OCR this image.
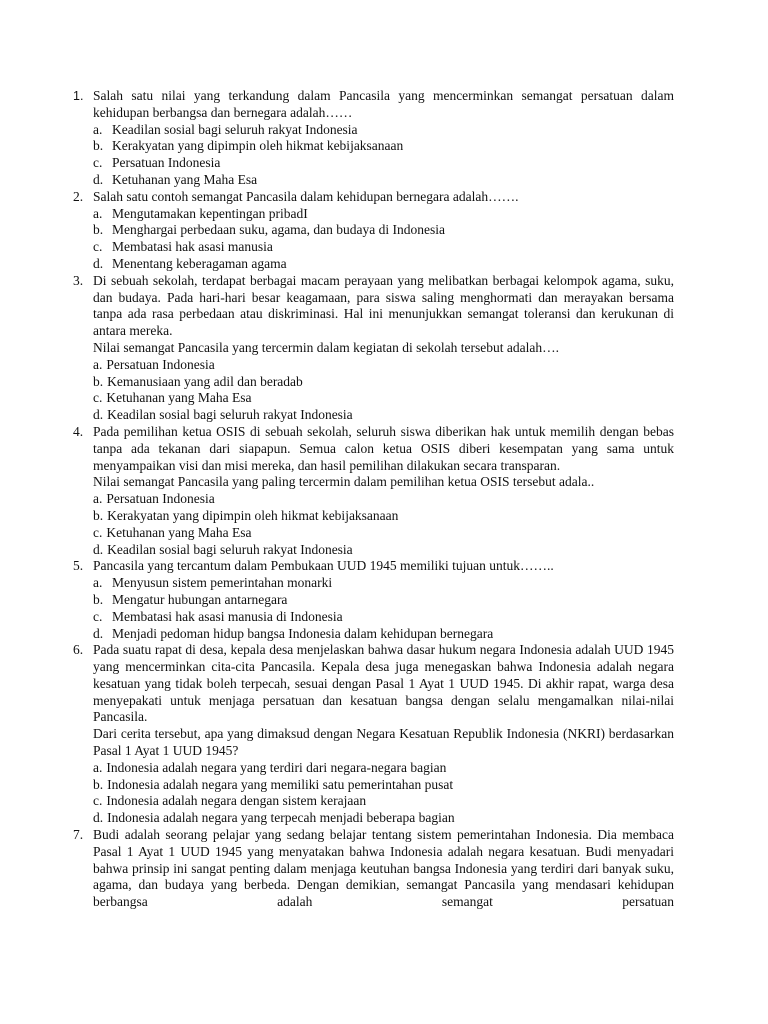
1. Salah satu nilai yang terkandung dalam Pancasila yang mencerminkan semangat persatuan dalam kehidupan berbangsa dan bernegara adalah……

a. Keadilan sosial bagi seluruh rakyat Indonesia

b. Kerakyatan yang dipimpin oleh hikmat kebijaksanaan

c. Persatuan Indonesia

d. Ketuhanan yang Maha Esa

2. Salah satu contoh semangat Pancasila dalam kehidupan bernegara adalah…….

a. Mengutamakan kepentingan pribadI

b. Menghargai perbedaan suku, agama, dan budaya di Indonesia

c. Membatasi hak asasi manusia

d. Menentang keberagaman agama

3. Di sebuah sekolah, terdapat berbagai macam perayaan yang melibatkan berbagai kelompok agama, suku, dan budaya. Pada hari-hari besar keagamaan, para siswa saling menghormati dan merayakan bersama tanpa ada rasa perbedaan atau diskriminasi. Hal ini menunjukkan semangat toleransi dan kerukunan di antara mereka.

Nilai semangat Pancasila yang tercermin dalam kegiatan di sekolah tersebut adalah….

a. Persatuan Indonesia

b. Kemanusiaan yang adil dan beradab

c. Ketuhanan yang Maha Esa

d. Keadilan sosial bagi seluruh rakyat Indonesia

4. Pada pemilihan ketua OSIS di sebuah sekolah, seluruh siswa diberikan hak untuk memilih dengan bebas tanpa ada tekanan dari siapapun. Semua calon ketua OSIS diberi kesempatan yang sama untuk menyampaikan visi dan misi mereka, dan hasil pemilihan dilakukan secara transparan.

Nilai semangat Pancasila yang paling tercermin dalam pemilihan ketua OSIS tersebut adala..

a. Persatuan Indonesia

b. Kerakyatan yang dipimpin oleh hikmat kebijaksanaan

c. Ketuhanan yang Maha Esa

d. Keadilan sosial bagi seluruh rakyat Indonesia

5. Pancasila yang tercantum dalam Pembukaan UUD 1945 memiliki tujuan untuk……..

a. Menyusun sistem pemerintahan monarki

b. Mengatur hubungan antarnegara

c. Membatasi hak asasi manusia di Indonesia

d. Menjadi pedoman hidup bangsa Indonesia dalam kehidupan bernegara

6. Pada suatu rapat di desa, kepala desa menjelaskan bahwa dasar hukum negara Indonesia adalah UUD 1945 yang mencerminkan cita-cita Pancasila. Kepala desa juga menegaskan bahwa Indonesia adalah negara kesatuan yang tidak boleh terpecah, sesuai dengan Pasal 1 Ayat 1 UUD 1945. Di akhir rapat, warga desa menyepakati untuk menjaga persatuan dan kesatuan bangsa dengan selalu mengamalkan nilai-nilai Pancasila.

Dari cerita tersebut, apa yang dimaksud dengan Negara Kesatuan Republik Indonesia (NKRI) berdasarkan Pasal 1 Ayat 1 UUD 1945?

a. Indonesia adalah negara yang terdiri dari negara-negara bagian

b. Indonesia adalah negara yang memiliki satu pemerintahan pusat

c. Indonesia adalah negara dengan sistem kerajaan

d. Indonesia adalah negara yang terpecah menjadi beberapa bagian

7. Budi adalah seorang pelajar yang sedang belajar tentang sistem pemerintahan Indonesia. Dia membaca Pasal 1 Ayat 1 UUD 1945 yang menyatakan bahwa Indonesia adalah negara kesatuan. Budi menyadari bahwa prinsip ini sangat penting dalam menjaga keutuhan bangsa Indonesia yang terdiri dari banyak suku, agama, dan budaya yang berbeda. Dengan demikian, semangat Pancasila yang mendasari kehidupan berbangsa adalah semangat persatuan
